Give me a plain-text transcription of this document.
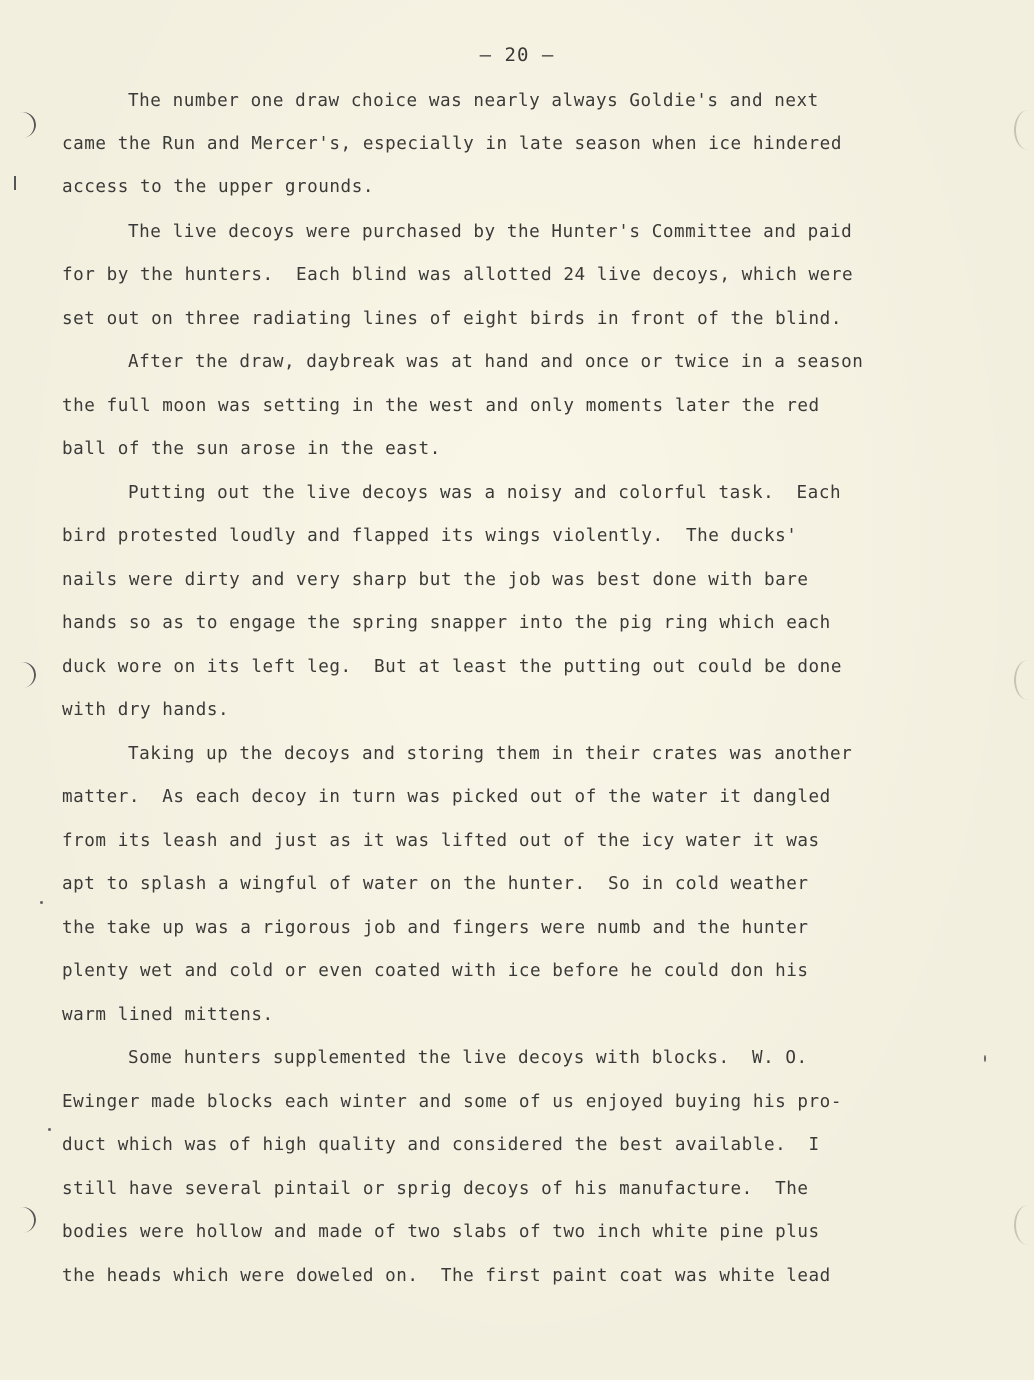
– 20 –
The number one draw choice was nearly always Goldie's and next
came the Run and Mercer's, especially in late season when ice hindered
access to the upper grounds.
The live decoys were purchased by the Hunter's Committee and paid
for by the hunters.  Each blind was allotted 24 live decoys, which were
set out on three radiating lines of eight birds in front of the blind.
After the draw, daybreak was at hand and once or twice in a season
the full moon was setting in the west and only moments later the red
ball of the sun arose in the east.
Putting out the live decoys was a noisy and colorful task.  Each
bird protested loudly and flapped its wings violently.  The ducks'
nails were dirty and very sharp but the job was best done with bare
hands so as to engage the spring snapper into the pig ring which each
duck wore on its left leg.  But at least the putting out could be done
with dry hands.
Taking up the decoys and storing them in their crates was another
matter.  As each decoy in turn was picked out of the water it dangled
from its leash and just as it was lifted out of the icy water it was
apt to splash a wingful of water on the hunter.  So in cold weather
the take up was a rigorous job and fingers were numb and the hunter
plenty wet and cold or even coated with ice before he could don his
warm lined mittens.
Some hunters supplemented the live decoys with blocks.  W. O.
Ewinger made blocks each winter and some of us enjoyed buying his pro-
duct which was of high quality and considered the best available.  I
still have several pintail or sprig decoys of his manufacture.  The
bodies were hollow and made of two slabs of two inch white pine plus
the heads which were doweled on.  The first paint coat was white lead
